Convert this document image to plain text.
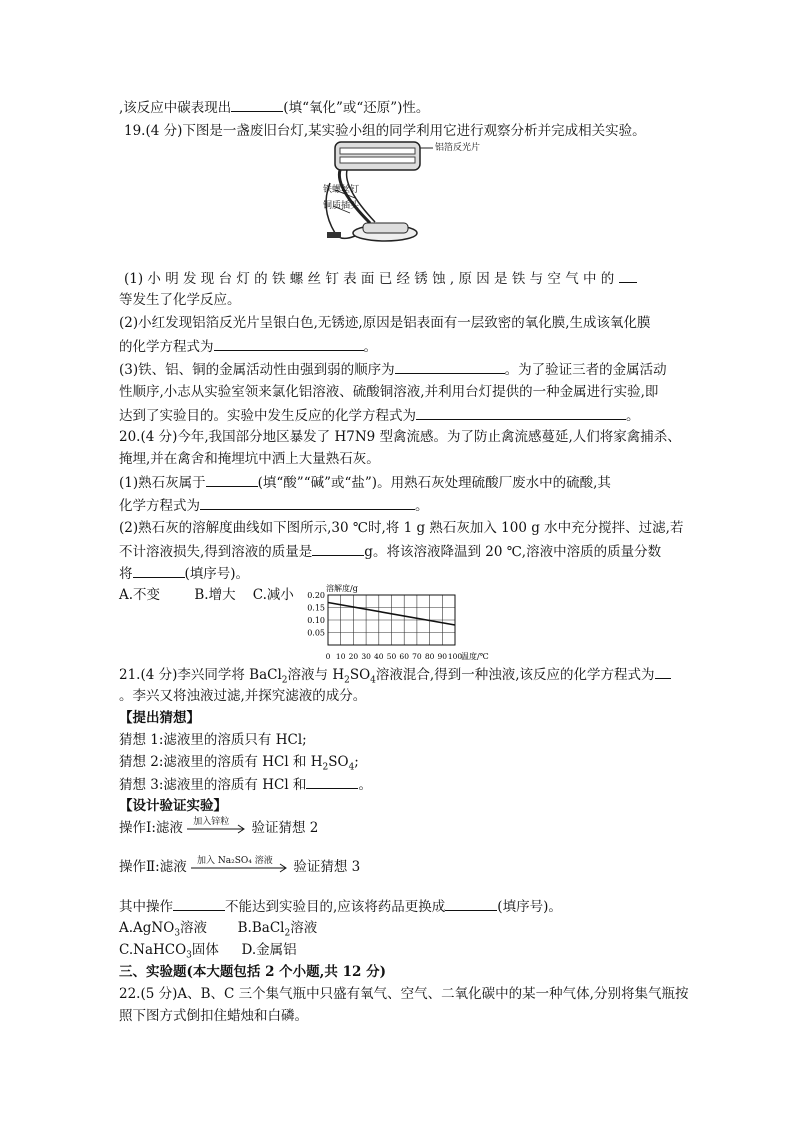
,该反应中碳表现出	(填“氧化”或“还原”)性。
19.(4 分)下图是一盏废旧台灯,某实验小组的同学利用它进行观察分析并完成相关实验。
铝箔反光片
铁螺丝钉
铜质插头
(1) 小 明 发 现 台 灯 的 铁 螺 丝 钉 表 面 已 经 锈 蚀 , 原 因 是 铁 与 空 气 中 的
等发生了化学反应。
(2)小红发现铝箔反光片呈银白色,无锈迹,原因是铝表面有一层致密的氧化膜,生成该氧化膜
的化学方程式为	。
(3)铁、铝、铜的金属活动性由强到弱的顺序为	。为了验证三者的金属活动
性顺序,小志从实验室领来氯化铝溶液、硫酸铜溶液,并利用台灯提供的一种金属进行实验,即
达到了实验目的。实验中发生反应的化学方程式为	。
20.(4 分)今年,我国部分地区暴发了 H7N9 型禽流感。为了防止禽流感蔓延,人们将家禽捕杀、
掩埋,并在禽舍和掩埋坑中洒上大量熟石灰。
(1)熟石灰属于	(填“酸”“碱”或“盐”)。用熟石灰处理硫酸厂废水中的硫酸,其
化学方程式为	。
(2)熟石灰的溶解度曲线如下图所示,30 ℃时,将 1 g 熟石灰加入 100 g 水中充分搅拌、过滤,若
不计溶液损失,得到溶液的质量是	g。将该溶液降温到 20 ℃,溶液中溶质的质量分数
将	(填序号)。
A.不变        B.增大    C.减小 0.20
0.15
0.10
0.05
0 10 20 30 40 50 60 70 80 90 100
溶解度/g
温度/℃
21.(4 分)李兴同学将 BaCl$_2$溶液与 $H_2SO_4$溶液混合,得到一种浊液,该反应的化学方程式为
。李兴又将浊液过滤,并探究滤液的成分。
【提出猜想】
猜想 1:滤液里的溶质只有 HCl;
猜想 2:滤液里的溶质有 HCl 和 $H_2SO_4$;
猜想 3:滤液里的溶质有 HCl 和	。
【设计验证实验】
操作Ⅰ:滤液 加入锌粒 验证猜想 2
操作Ⅱ:滤液 加入 Na₂SO₄ 溶液 验证猜想 3
其中操作	不能达到实验目的,应该将药品更换成	(填序号)。
A.AgNO$_3$溶液 B.BaCl$_2$溶液
C.NaHCO$_3$固体 D.金属铝
三、实验题(本大题包括 2 个小题,共 12 分)
22.(5 分)A、B、C 三个集气瓶中只盛有氧气、空气、二氧化碳中的某一种气体,分别将集气瓶按
照下图方式倒扣住蜡烛和白磷。
